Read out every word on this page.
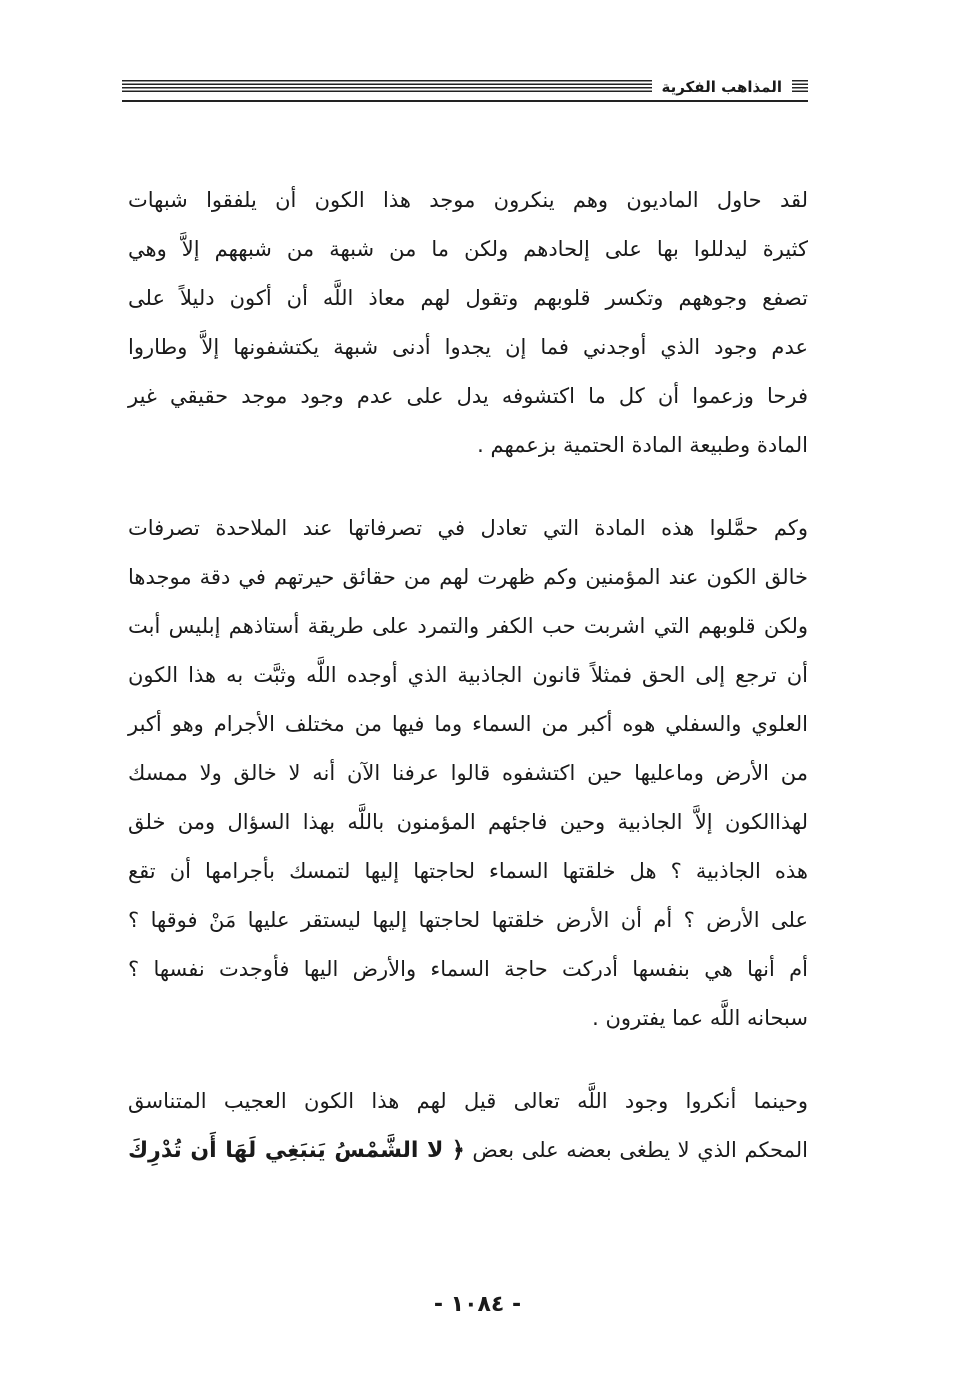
المذاهب الفكرية
لقد حاول الماديون وهم ينكرون موجد هذا الكون أن يلفقوا شبهات
كثيرة ليدللوا بها على إلحادهم ولكن ما من شبهة من شبههم إلاَّ وهي
تصفع وجوههم وتكسر قلوبهم وتقول لهم معاذ اللَّه أن أكون دليلاً على
عدم وجود الذي أوجدني فما إن يجدوا أدنى شبهة يكتشفونها إلاَّ وطاروا
فرحا وزعموا أن كل ما اكتشوفه يدل على عدم وجود موجد حقيقي غير
المادة وطبيعة المادة الحتمية بزعمهم .
وكم حمَّلوا هذه المادة التي تعادل في تصرفاتها عند الملاحدة تصرفات
خالق الكون عند المؤمنين وكم ظهرت لهم من حقائق حيرتهم في دقة موجدها
ولكن قلوبهم التي اشربت حب الكفر والتمرد على طريقة أستاذهم إبليس أبت
أن ترجع إلى الحق فمثلاً قانون الجاذبية الذي أوجده اللَّه وثبَّت به هذا الكون
العلوي والسفلي هوه أكبر من السماء وما فيها من مختلف الأجرام وهو أكبر
من الأرض وماعليها حين اكتشفوه قالوا عرفنا الآن أنه لا خالق ولا ممسك
لهذاالكون إلاَّ الجاذبية وحين فاجئهم المؤمنون باللَّه بهذا السؤال ومن خلق
هذه الجاذبية ؟ هل خلقتها السماء لحاجتها إليها لتمسك بأجرامها أن تقع
على الأرض ؟ أم أن الأرض خلقتها لحاجتها إليها ليستقر عليها مَنْ فوقها ؟
أم أنها هي بنفسها أدركت حاجة السماء والأرض اليها فأوجدت نفسها ؟
سبحانه اللَّه عما يفترون .
وحينما أنكروا وجود اللَّه تعالى قيل لهم هذا الكون العجيب المتناسق
المحكم الذي لا يطغى بعضه على بعض ﴿ لا الشَّمْسُ يَنبَغِي لَهَا أَن تُدْرِكَ
- ١٠٨٤ -
